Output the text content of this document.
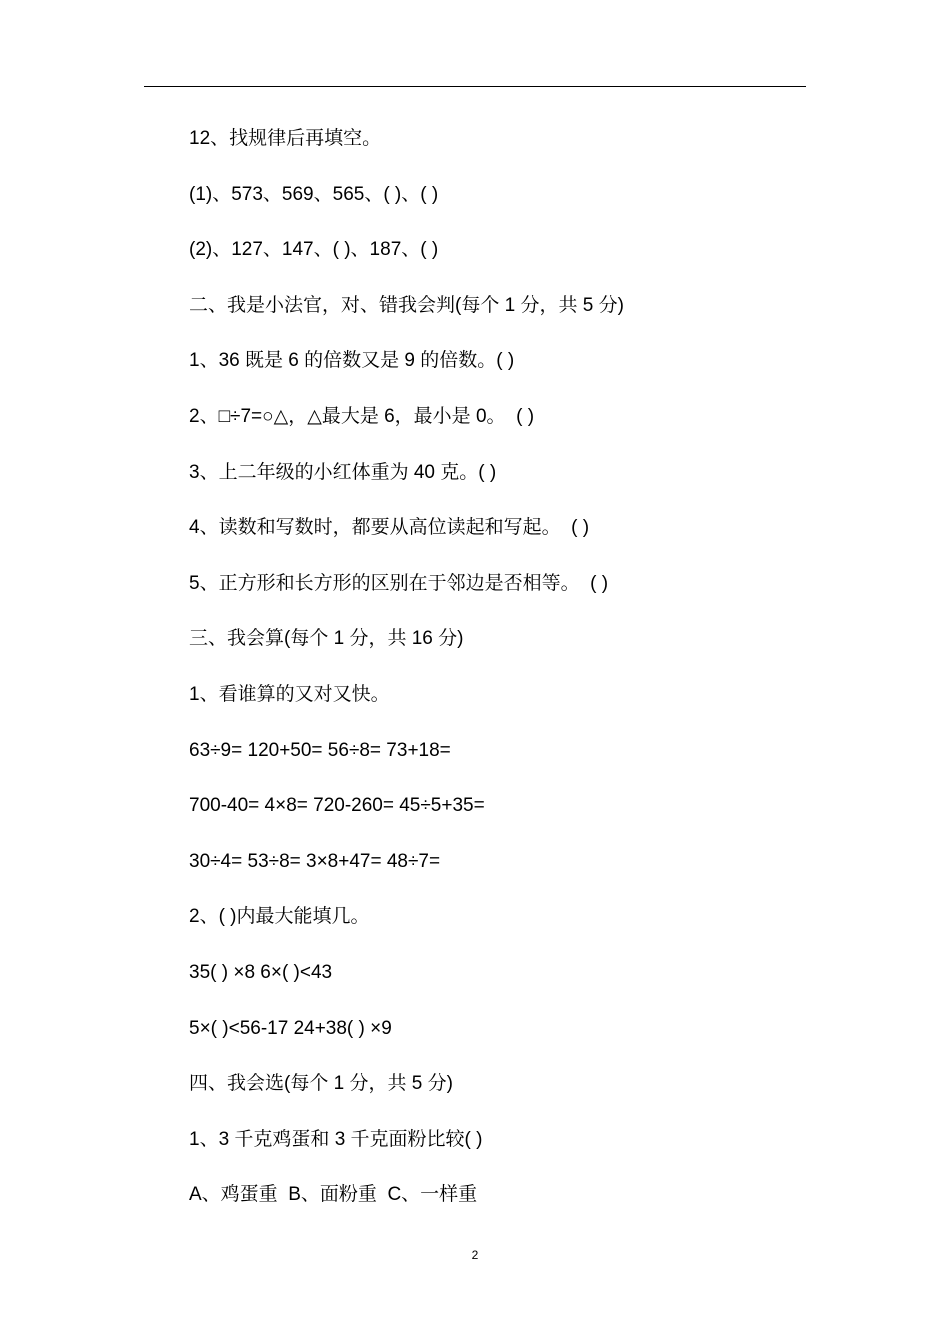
12、找规律后再填空。
(1)、573、569、565、( )、( )
(2)、127、147、( )、187、( )
二、我是小法官，对、错我会判(每个 1 分，共 5 分)
1、36 既是 6 的倍数又是 9 的倍数。( )
2、□÷7=○△，△最大是 6，最小是 0。  ( )
3、上二年级的小红体重为 40 克。( )
4、读数和写数时，都要从高位读起和写起。  ( )
5、正方形和长方形的区别在于邻边是否相等。  ( )
三、我会算(每个 1 分，共 16 分)
1、看谁算的又对又快。
63÷9= 120+50= 56÷8= 73+18=
700-40= 4×8= 720-260= 45÷5+35=
30÷4= 53÷8= 3×8+47= 48÷7=
2、( )内最大能填几。
35( ) ×8 6×( )<43
5×( )<56-17 24+38( ) ×9
四、我会选(每个 1 分，共 5 分)
1、3 千克鸡蛋和 3 千克面粉比较( )
A、鸡蛋重  B、面粉重  C、一样重
2
